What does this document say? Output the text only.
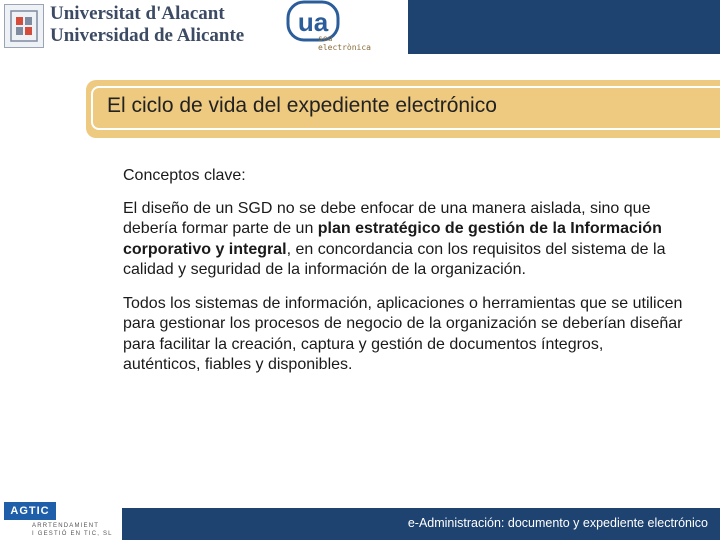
Universitat d'Alacant
Universidad de Alicante ua
seu
electrònica
El ciclo de vida del expediente electrónico
Conceptos clave:
El diseño de un SGD no se debe enfocar de una manera aislada, sino que debería formar parte de un plan estratégico de gestión de la Información corporativo y integral, en concordancia con los requisitos del sistema de la calidad y seguridad de la información de la organización.
Todos los sistemas de información, aplicaciones o herramientas que se utilicen para gestionar los procesos de negocio de la organización se deberían diseñar para facilitar la creación, captura y gestión de documentos íntegros, auténticos, fiables y disponibles.
AGTIC
ARRTENDAMIENT
I GESTIÓ EN TIC, SL
e-Administración: documento y expediente electrónico
